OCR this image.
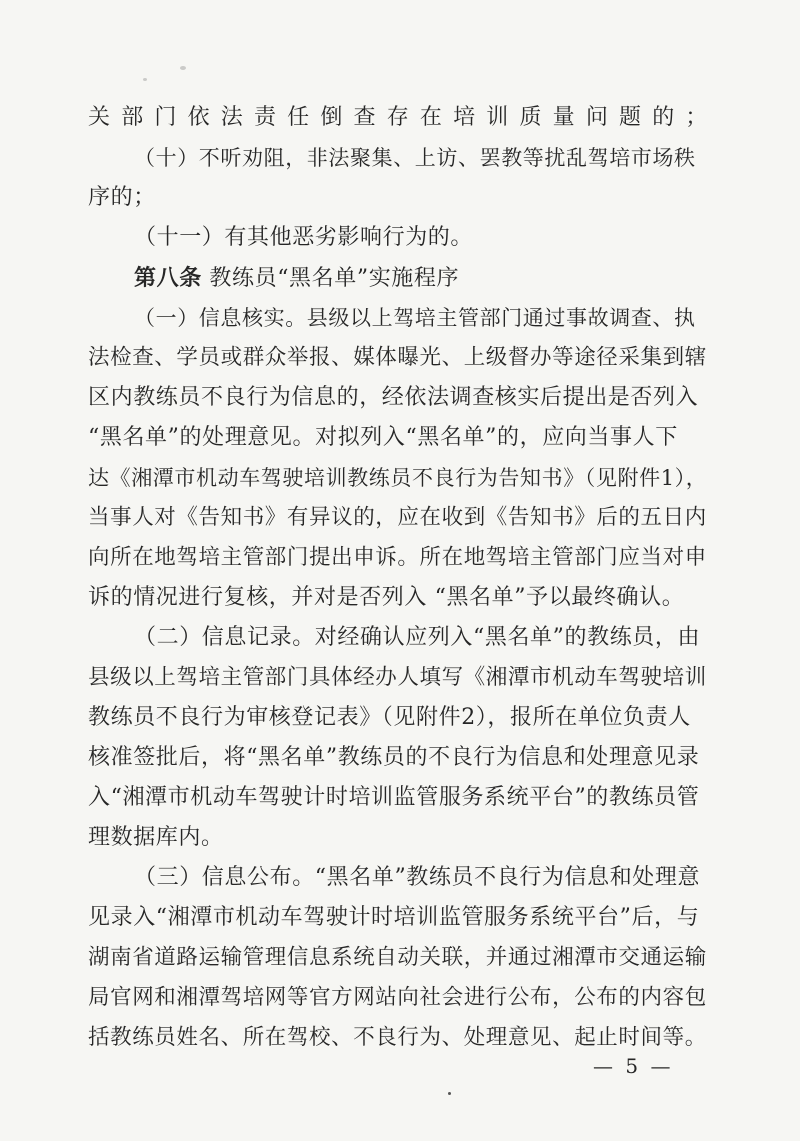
关部门依法责任倒查存在培训质量问题的；
（十）不听劝阻，非法聚集、上访、罢教等扰乱驾培市场秩
序的；
（十一）有其他恶劣影响行为的。
第八条 教练员“黑名单”实施程序
（一）信息核实。县级以上驾培主管部门通过事故调查、执
法检查、学员或群众举报、媒体曝光、上级督办等途径采集到辖
区内教练员不良行为信息的，经依法调查核实后提出是否列入
“黑名单”的处理意见。对拟列入“黑名单”的，应向当事人下
达《湘潭市机动车驾驶培训教练员不良行为告知书》（见附件1），
当事人对《告知书》有异议的，应在收到《告知书》后的五日内
向所在地驾培主管部门提出申诉。所在地驾培主管部门应当对申
诉的情况进行复核，并对是否列入 “黑名单”予以最终确认。
（二）信息记录。对经确认应列入“黑名单”的教练员，由
县级以上驾培主管部门具体经办人填写《湘潭市机动车驾驶培训
教练员不良行为审核登记表》（见附件2），报所在单位负责人
核准签批后，将“黑名单”教练员的不良行为信息和处理意见录
入“湘潭市机动车驾驶计时培训监管服务系统平台”的教练员管
理数据库内。
（三）信息公布。“黑名单”教练员不良行为信息和处理意
见录入“湘潭市机动车驾驶计时培训监管服务系统平台”后，与
湖南省道路运输管理信息系统自动关联，并通过湘潭市交通运输
局官网和湘潭驾培网等官方网站向社会进行公布，公布的内容包
括教练员姓名、所在驾校、不良行为、处理意见、起止时间等。
— 5 —
